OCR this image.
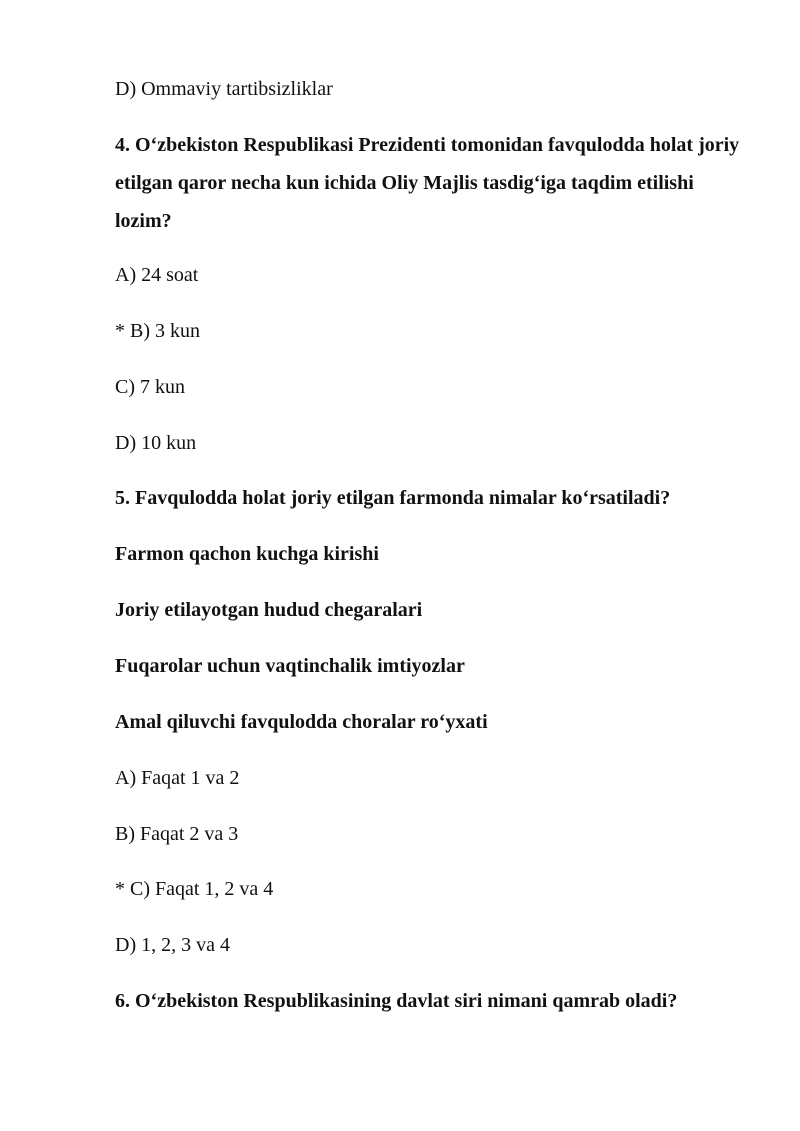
D) Ommaviy tartibsizliklar

4. O‘zbekiston Respublikasi Prezidenti tomonidan favqulodda holat joriy etilgan qaror necha kun ichida Oliy Majlis tasdig‘iga taqdim etilishi lozim?

A) 24 soat

* B) 3 kun

C) 7 kun

D) 10 kun

5. Favqulodda holat joriy etilgan farmonda nimalar ko‘rsatiladi?

Farmon qachon kuchga kirishi

Joriy etilayotgan hudud chegaralari

Fuqarolar uchun vaqtinchalik imtiyozlar

Amal qiluvchi favqulodda choralar ro‘yxati

A) Faqat 1 va 2

B) Faqat 2 va 3

* C) Faqat 1, 2 va 4

D) 1, 2, 3 va 4

6. O‘zbekiston Respublikasining davlat siri nimani qamrab oladi?
